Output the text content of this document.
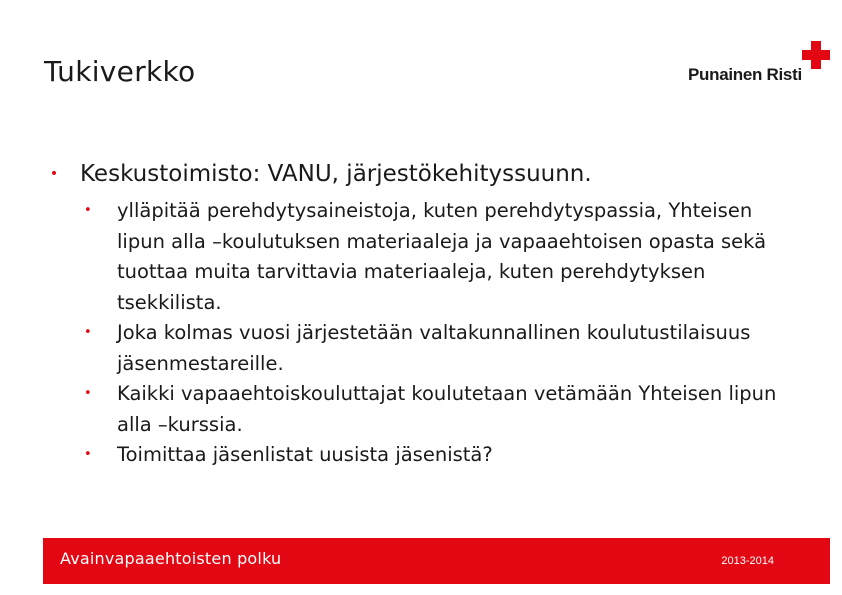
Tukiverkko	Punainen Risti
• Keskustoimisto: VANU, järjestökehityssuunn.
• ylläpitää perehdytysaineistoja, kuten perehdytyspassia, Yhteisen lipun alla –koulutuksen materiaaleja ja vapaaehtoisen opasta sekä tuottaa muita tarvittavia materiaaleja, kuten perehdytyksen tsekkilista.
• Joka kolmas vuosi järjestetään valtakunnallinen koulutustilaisuus jäsenmestareille.
• Kaikki vapaaehtoiskouluttajat koulutetaan vetämään Yhteisen lipun alla –kurssia.
• Toimittaa jäsenlistat uusista jäsenistä?
Avainvapaaehtoisten polku	2013-2014
